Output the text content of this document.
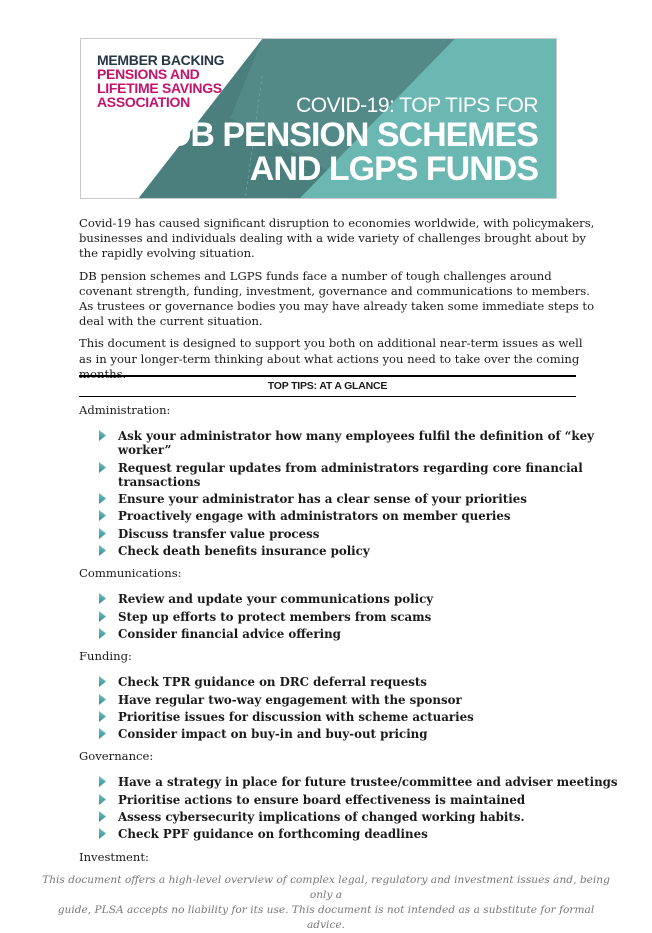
MEMBER BACKING
PENSIONS AND
LIFETIME SAVINGS
ASSOCIATION	COVID-19: TOP TIPS FOR
DB PENSION SCHEMES
AND LGPS FUNDS

Covid-19 has caused significant disruption to economies worldwide, with policymakers, businesses and individuals dealing with a wide variety of challenges brought about by the rapidly evolving situation.

DB pension schemes and LGPS funds face a number of tough challenges around covenant strength, funding, investment, governance and communications to members. As trustees or governance bodies you may have already taken some immediate steps to deal with the current situation.

This document is designed to support you both on additional near-term issues as well as in your longer-term thinking about what actions you need to take over the coming months.

TOP TIPS: AT A GLANCE
Administration:
Ask your administrator how many employees fulfil the definition of “key worker”
Request regular updates from administrators regarding core financial transactions
Ensure your administrator has a clear sense of your priorities
Proactively engage with administrators on member queries
Discuss transfer value process
Check death benefits insurance policy
Communications:
Review and update your communications policy
Step up efforts to protect members from scams
Consider financial advice offering
Funding:
Check TPR guidance on DRC deferral requests
Have regular two-way engagement with the sponsor
Prioritise issues for discussion with scheme actuaries
Consider impact on buy-in and buy-out pricing
Governance:
Have a strategy in place for future trustee/committee and adviser meetings
Prioritise actions to ensure board effectiveness is maintained
Assess cybersecurity implications of changed working habits.
Check PPF guidance on forthcoming deadlines
Investment:
This document offers a high-level overview of complex legal, regulatory and investment issues and, being only a
guide, PLSA accepts no liability for its use. This document is not intended as a substitute for formal advice.
